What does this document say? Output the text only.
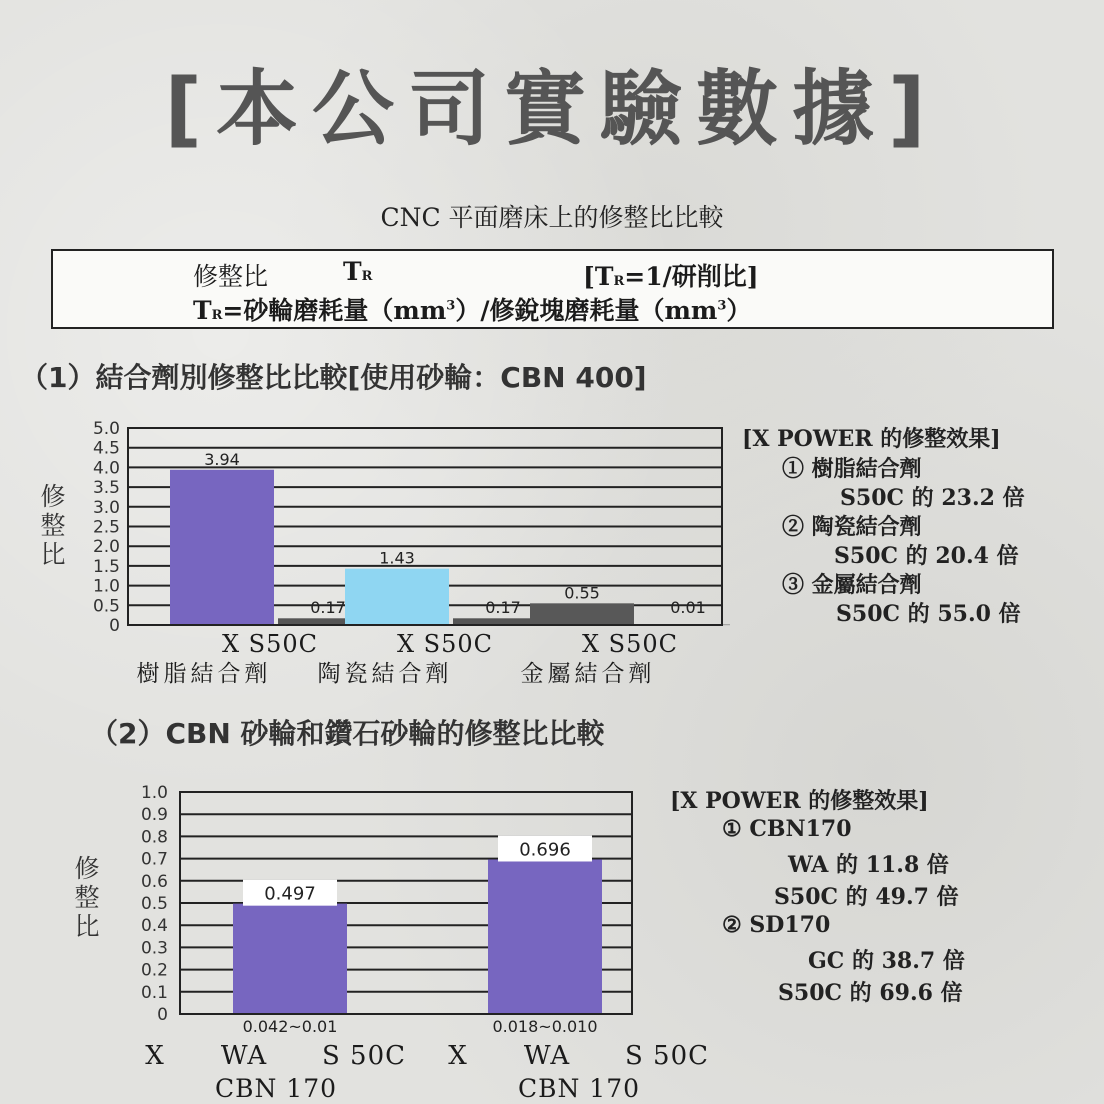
[本公司實驗數據]
CNC 平面磨床上的修整比比較
修整比	TR	[TR=1/研削比]
TR=砂輪磨耗量$(mm^3)/$修銳塊磨耗量$(mm^3)$
（1）結合劑別修整比比較[使用砂輪：CBN 400]
修
整
比
0
0.5
1.0
1.5
2.0
2.5
3.0
3.5
4.0
4.5
5.0
3.94
0.17
1.43
0.17
0.55
0.01
X S50C	X S50C	X S50C
樹脂結合劑 陶瓷結合劑	金屬結合劑
[X POWER 的修整效果]
① 樹脂結合劑
S50C 的 23.2 倍
② 陶瓷結合劑
S50C 的 20.4 倍
③ 金屬結合劑
S50C 的 55.0 倍
（2）CBN 砂輪和鑽石砂輪的修整比比較
修
整
比
0
0.1
0.2
0.3
0.4
0.5
0.6
0.7
0.8
0.9
1.0
0.497
0.042~0.01
0.696
0.018~0.010
X WA S 50C
CBN 170
X WA S 50C
CBN 170
[X POWER 的修整效果]
① CBN170
WA 的 11.8 倍
S50C 的 49.7 倍
② SD170
GC 的 38.7 倍
S50C 的 69.6 倍
